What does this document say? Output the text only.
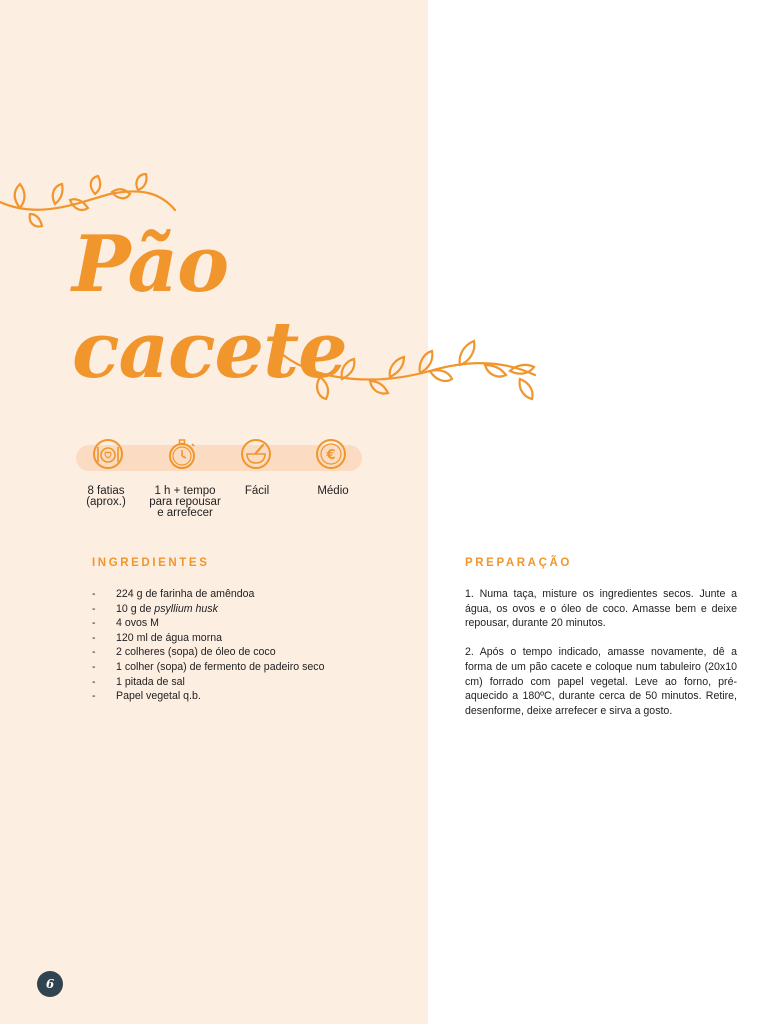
Pão
cacete
€
8 fatias
(aprox.)
1 h + tempo
para repousar
e arrefecer
Fácil	Médio
INGREDIENTES
- 224 g de farinha de amêndoa
- 10 g de psyllium husk
- 4 ovos M
- 120 ml de água morna
- 2 colheres (sopa) de óleo de coco
- 1 colher (sopa) de fermento de padeiro seco
- 1 pitada de sal
- Papel vegetal q.b.
PREPARAÇÃO

1. Numa taça, misture os ingredientes secos. Junte a água, os ovos e o óleo de coco. Amasse bem e deixe repousar, durante 20 minutos.

2. Após o tempo indicado, amasse novamente, dê a forma de um pão cacete e coloque num tabuleiro (20x10 cm) forrado com papel vegetal. Leve ao forno, pré-aquecido a 180ºC, durante cerca de 50 minutos. Retire, desenforme, deixe arrefecer e sirva a gosto.

6
